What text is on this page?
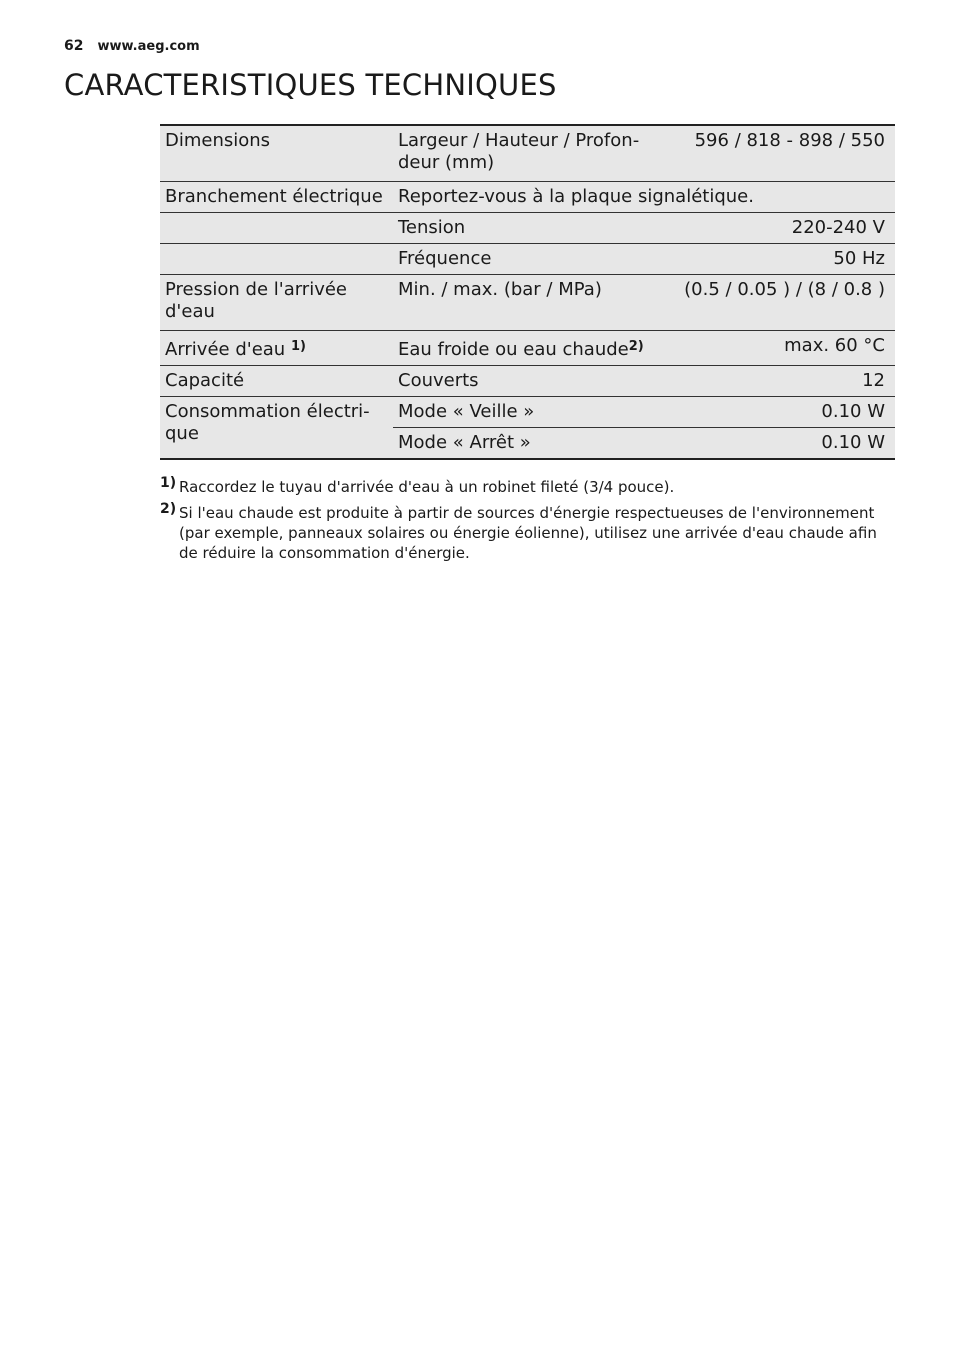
62 www.aeg.com
CARACTERISTIQUES TECHNIQUES
Dimensions	Largeur / Hauteur / Profon-deur (mm)	596 / 818 - 898 / 550
Branchement électrique	Reportez-vous à la plaque signalétique.	
	Tension	220-240 V
	Fréquence	50 Hz
Pression de l'arrivée d'eau	Min. / max. (bar / MPa)	(0.5 / 0.05 ) / (8 / 0.8 )
Arrivée d'eau $^{1)}$	Eau froide ou eau chaude$^{2)}$	max. 60 °C
Capacité	Couverts	12
Consommation électri-que	Mode « Veille »	0.10 W
	Mode « Arrêt »	0.10 W
1) Raccordez le tuyau d'arrivée d'eau à un robinet fileté (3/4 pouce).
2) Si l'eau chaude est produite à partir de sources d'énergie respectueuses de l'environnement (par exemple, panneaux solaires ou énergie éolienne), utilisez une arrivée d'eau chaude afin de réduire la consommation d'énergie.
